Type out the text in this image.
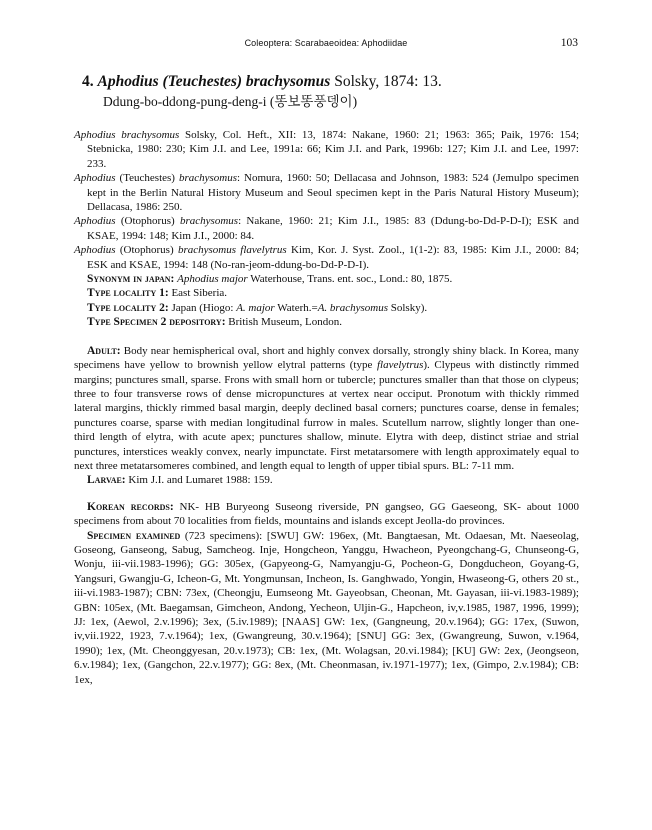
Coleoptera: Scarabaeoidea: Aphodiidae	103
4. Aphodius (Teuchestes) brachysomus Solsky, 1874: 13.
Ddung-bo-ddong-pung-deng-i (똥보똥풍뎅이)

Aphodius brachysomus Solsky, Col. Heft., XII: 13, 1874: Nakane, 1960: 21; 1963: 365; Paik, 1976: 154; Stebnicka, 1980: 230; Kim J.I. and Lee, 1991a: 66; Kim J.I. and Park, 1996b: 127; Kim J.I. and Lee, 1997: 233.

Aphodius (Teuchestes) brachysomus: Nomura, 1960: 50; Dellacasa and Johnson, 1983: 524 (Jemulpo specimen kept in the Berlin Natural History Museum and Seoul specimen kept in the Paris Natural History Museum); Dellacasa, 1986: 250.

Aphodius (Otophorus) brachysomus: Nakane, 1960: 21; Kim J.I., 1985: 83 (Ddung-bo-Dd-P-D-I); ESK and KSAE, 1994: 148; Kim J.I., 2000: 84.

Aphodius (Otophorus) brachysomus flavelytrus Kim, Kor. J. Syst. Zool., 1(1-2): 83, 1985: Kim J.I., 2000: 84; ESK and KSAE, 1994: 148 (No-ran-jeom-ddung-bo-Dd-P-D-I).

Synonym in japan: Aphodius major Waterhouse, Trans. ent. soc., Lond.: 80, 1875.

Type locality 1: East Siberia.

Type locality 2: Japan (Hiogo: A. major Waterh.=A. brachysomus Solsky).

Type Specimen 2 depository: British Museum, London.

Adult: Body near hemispherical oval, short and highly convex dorsally, strongly shiny black. In Korea, many specimens have yellow to brownish yellow elytral patterns (type flavelytrus). Clypeus with distinctly rimmed margins; punctures small, sparse. Frons with small horn or tubercle; punctures smaller than that those on clypeus; three to four transverse rows of dense micropunctures at vertex near occiput. Pronotum with thickly rimmed lateral margins, thickly rimmed basal margin, deeply declined basal corners; punctures coarse, dense in females; punctures coarse, sparse with median longitudinal furrow in males. Scutellum narrow, slightly longer than one-third length of elytra, with acute apex; punctures shallow, minute. Elytra with deep, distinct striae and strial punctures, interstices weakly convex, nearly impunctate. First metatarsomere with length approximately equal to next three metatarsomeres combined, and length equal to length of upper tibial spurs. BL: 7-11 mm.

Larvae: Kim J.I. and Lumaret 1988: 159.

Korean records: NK- HB Buryeong Suseong riverside, PN gangseo, GG Gaeseong, SK- about 1000 specimens from about 70 localities from fields, mountains and islands except Jeolla-do provinces.

Specimen examined (723 specimens): [SWU] GW: 196ex, (Mt. Bangtaesan, Mt. Odaesan, Mt. Naeseolag, Goseong, Ganseong, Sabug, Samcheog. Inje, Hongcheon, Yanggu, Hwacheon, Pyeongchang-G, Chunseong-G, Wonju, iii-vii.1983-1996); GG: 305ex, (Gapyeong-G, Namyangju-G, Pocheon-G, Dongducheon, Goyang-G, Yangsuri, Gwangju-G, Icheon-G, Mt. Yongmunsan, Incheon, Is. Ganghwado, Yongin, Hwaseong-G, others 20 st., iii-vi.1983-1987); CBN: 73ex, (Cheongju, Eumseong Mt. Gayeobsan, Cheonan, Mt. Gayasan, iii-vi.1983-1989); GBN: 105ex, (Mt. Baegamsan, Gimcheon, Andong, Yecheon, Uljin-G., Hapcheon, iv,v.1985, 1987, 1996, 1999); JJ: 1ex, (Aewol, 2.v.1996); 3ex, (5.iv.1989); [NAAS] GW: 1ex, (Gangneung, 20.v.1964); GG: 17ex, (Suwon, iv,vii.1922, 1923, 7.v.1964); 1ex, (Gwangreung, 30.v.1964); [SNU] GG: 3ex, (Gwangreung, Suwon, v.1964, 1990); 1ex, (Mt. Cheonggyesan, 20.v.1973); CB: 1ex, (Mt. Wolagsan, 20.vi.1984); [KU] GW: 2ex, (Jeongseon, 6.v.1984); 1ex, (Gangchon, 22.v.1977); GG: 8ex, (Mt. Cheonmasan, iv.1971-1977); 1ex, (Gimpo, 2.v.1984); CB: 1ex,
